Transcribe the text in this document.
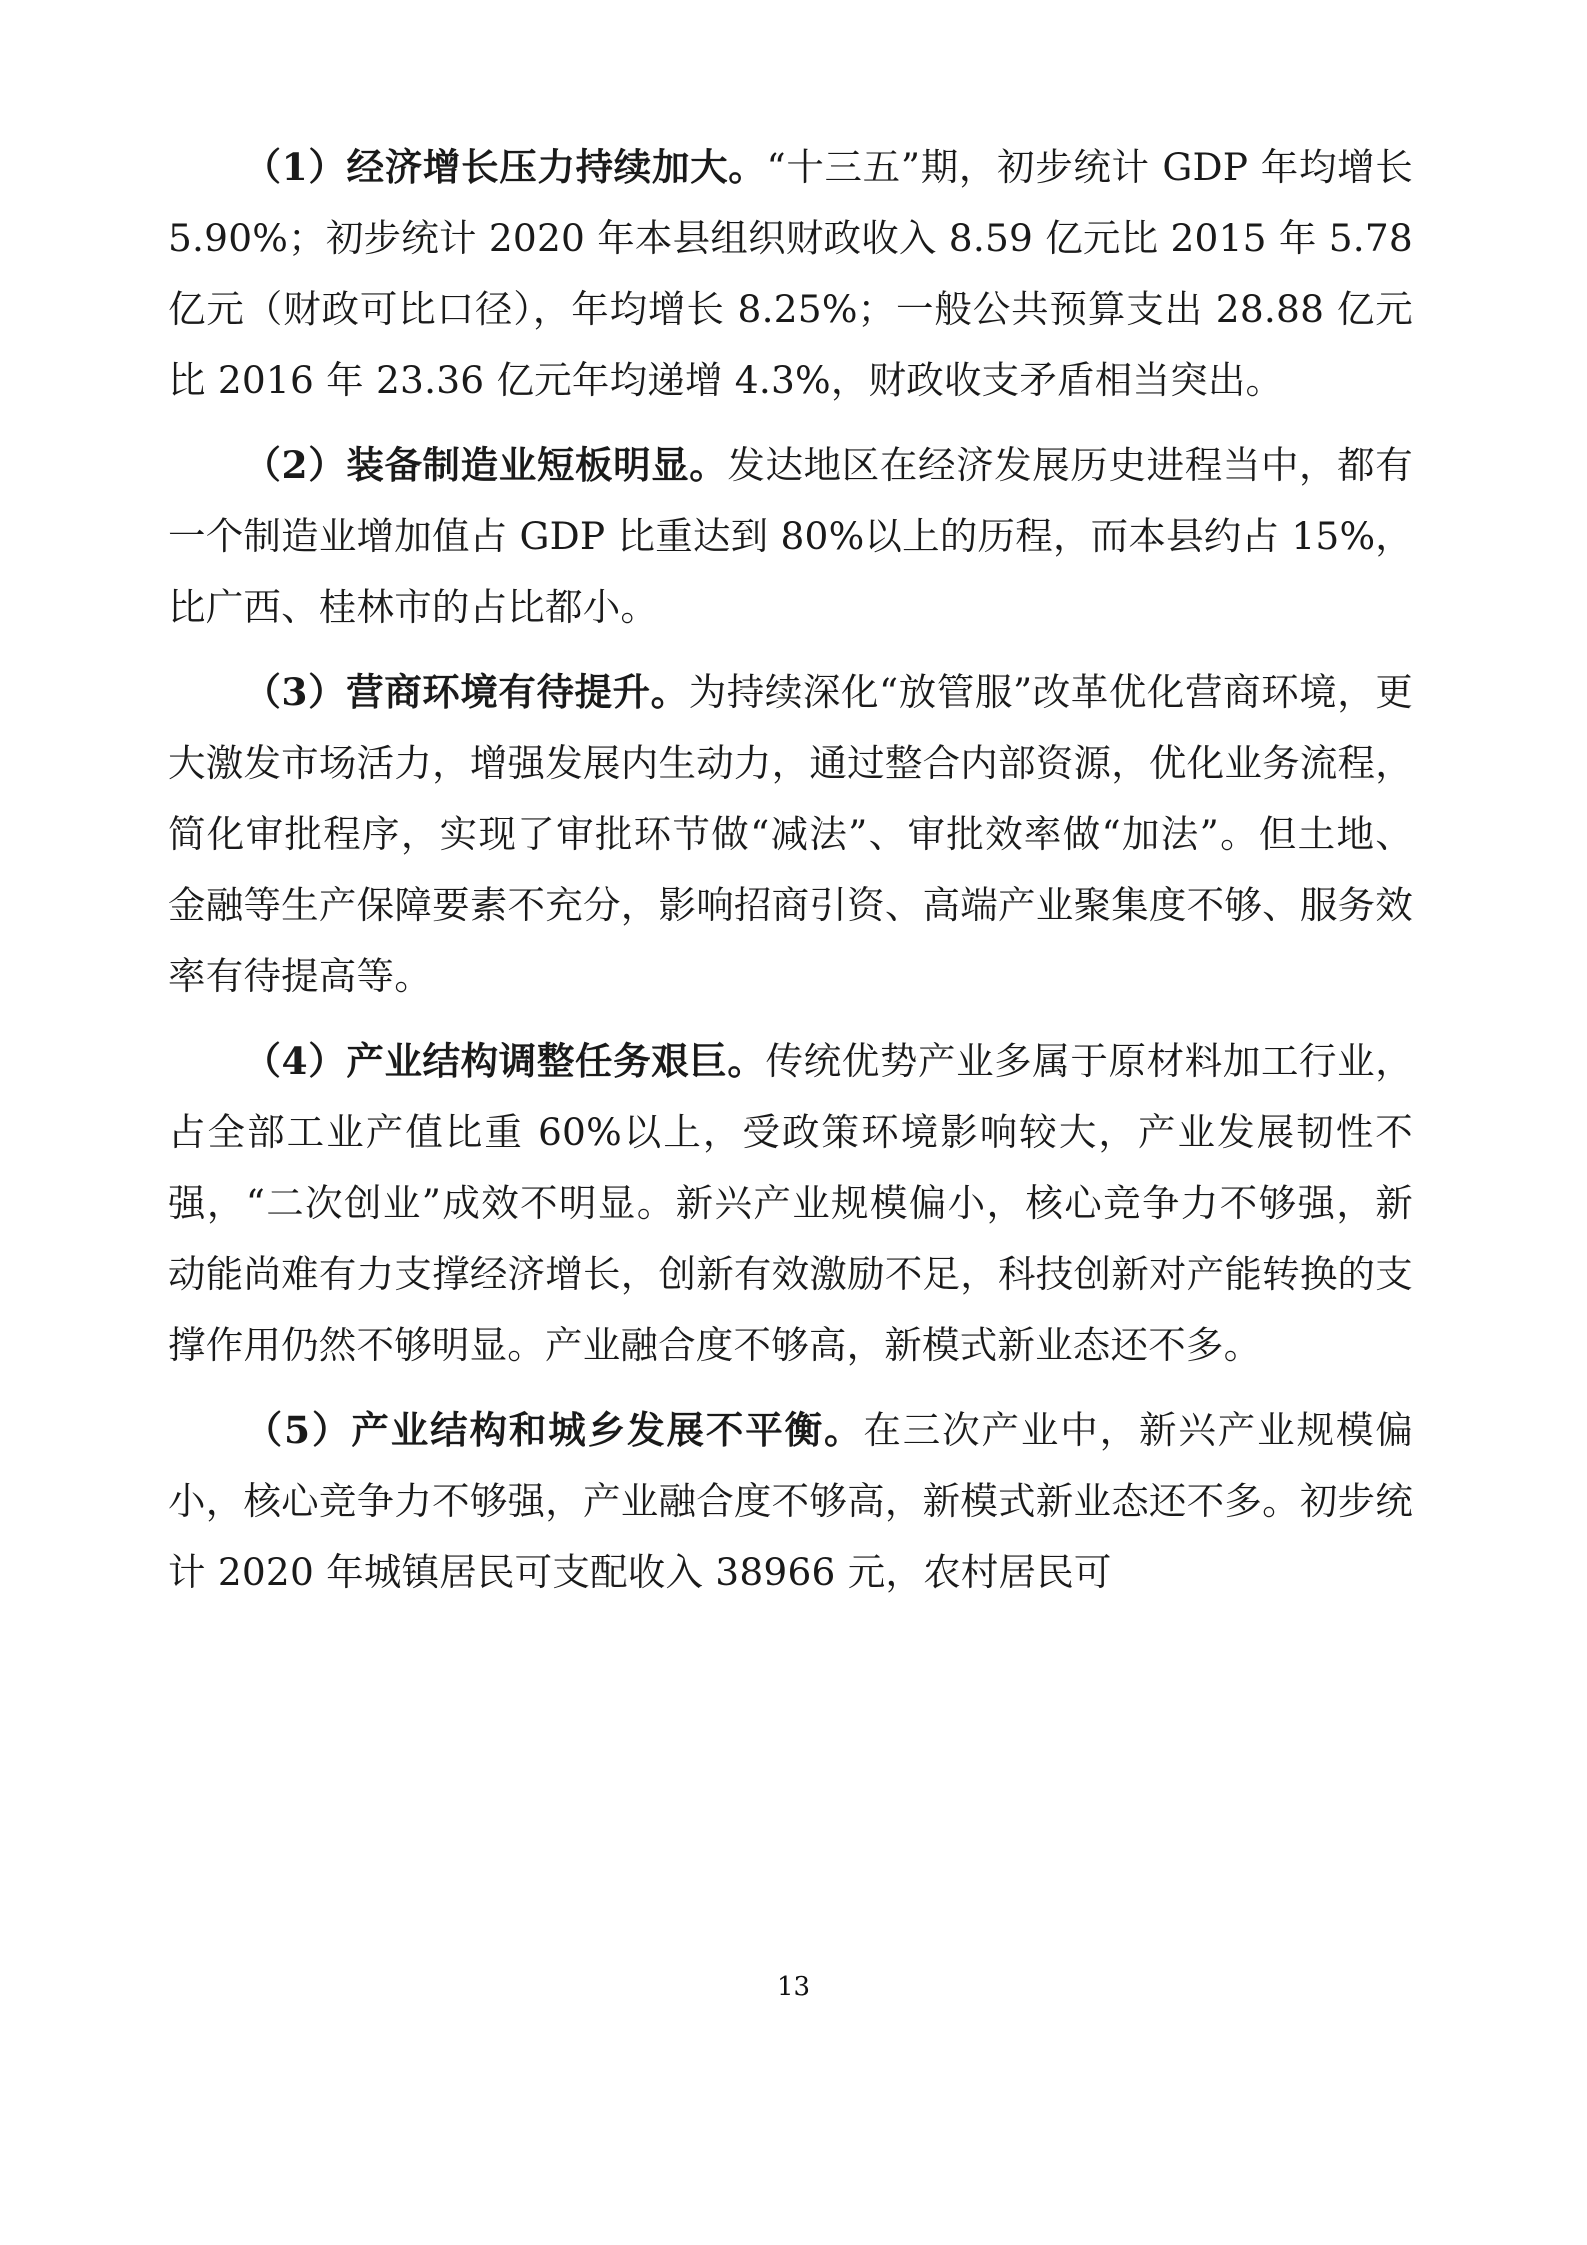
（1）经济增长压力持续加大。“十三五”期，初步统计 GDP 年均增长 5.90%；初步统计 2020 年本县组织财政收入 8.59 亿元比 2015 年 5.78 亿元（财政可比口径），年均增长 8.25%；一般公共预算支出 28.88 亿元比 2016 年 23.36 亿元年均递增 4.3%，财政收支矛盾相当突出。

（2）装备制造业短板明显。发达地区在经济发展历史进程当中，都有一个制造业增加值占 GDP 比重达到 80%以上的历程，而本县约占 15%，比广西、桂林市的占比都小。

（3）营商环境有待提升。为持续深化“放管服”改革优化营商环境，更大激发市场活力，增强发展内生动力，通过整合内部资源，优化业务流程，简化审批程序，实现了审批环节做“减法”、审批效率做“加法”。但土地、金融等生产保障要素不充分，影响招商引资、高端产业聚集度不够、服务效率有待提高等。

（4）产业结构调整任务艰巨。传统优势产业多属于原材料加工行业，占全部工业产值比重 60%以上，受政策环境影响较大，产业发展韧性不强，“二次创业”成效不明显。新兴产业规模偏小，核心竞争力不够强，新动能尚难有力支撑经济增长，创新有效激励不足，科技创新对产能转换的支撑作用仍然不够明显。产业融合度不够高，新模式新业态还不多。

（5）产业结构和城乡发展不平衡。在三次产业中，新兴产业规模偏小，核心竞争力不够强，产业融合度不够高，新模式新业态还不多。初步统计 2020 年城镇居民可支配收入 38966 元，农村居民可

13
